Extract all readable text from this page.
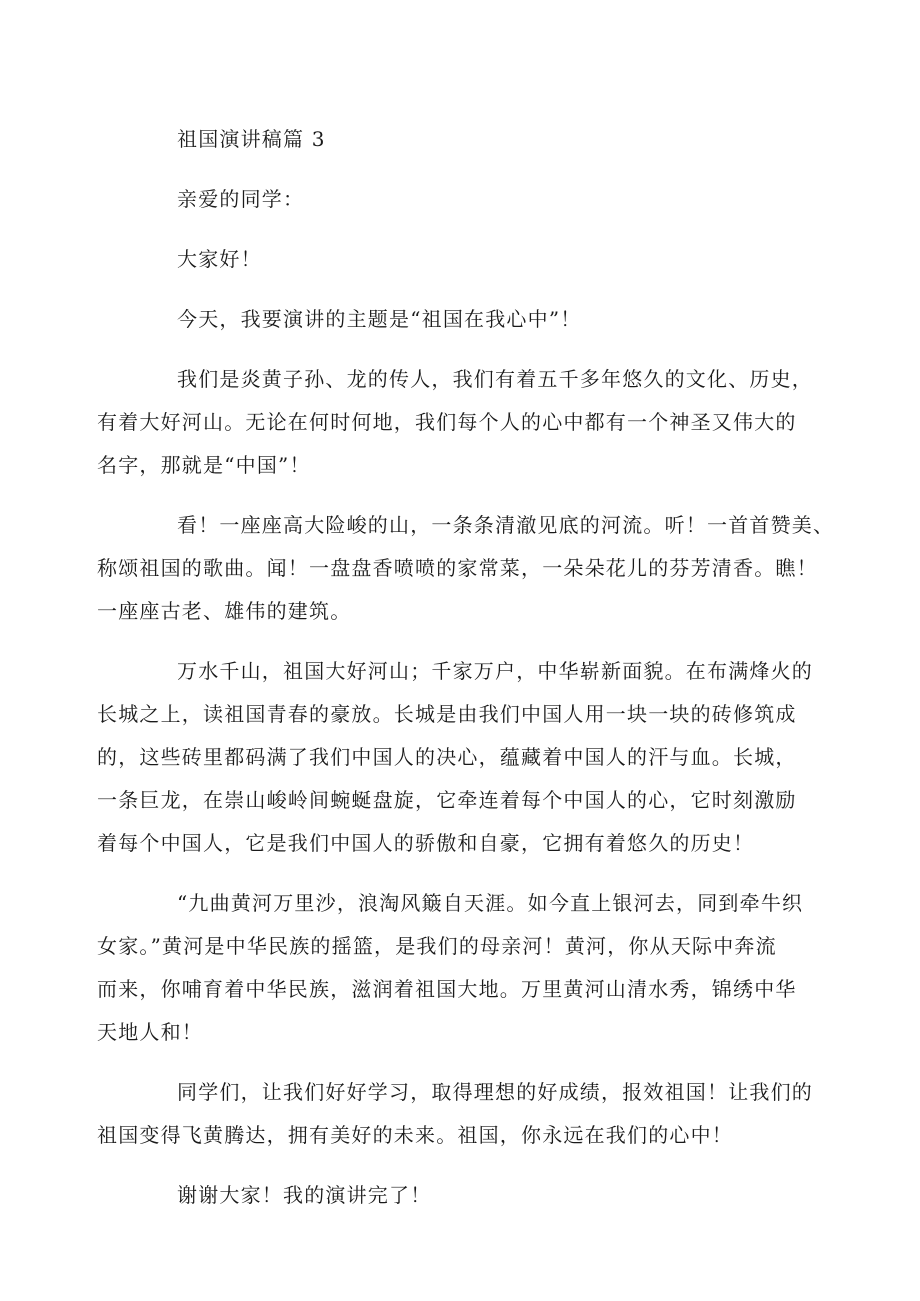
祖国演讲稿篇 3
亲爱的同学：
大家好！
今天，我要演讲的主题是“祖国在我心中”！
我们是炎黄子孙、龙的传人，我们有着五千多年悠久的文化、历史，
有着大好河山。无论在何时何地，我们每个人的心中都有一个神圣又伟大的
名字，那就是“中国”！
看！一座座高大险峻的山，一条条清澈见底的河流。听！一首首赞美、
称颂祖国的歌曲。闻！一盘盘香喷喷的家常菜，一朵朵花儿的芬芳清香。瞧！
一座座古老、雄伟的建筑。
万水千山，祖国大好河山；千家万户，中华崭新面貌。在布满烽火的
长城之上，读祖国青春的豪放。长城是由我们中国人用一块一块的砖修筑成
的，这些砖里都码满了我们中国人的决心，蕴藏着中国人的汗与血。长城，
一条巨龙，在崇山峻岭间蜿蜒盘旋，它牵连着每个中国人的心，它时刻激励
着每个中国人，它是我们中国人的骄傲和自豪，它拥有着悠久的历史！
“九曲黄河万里沙，浪淘风簸自天涯。如今直上银河去，同到牵牛织
女家。”黄河是中华民族的摇篮，是我们的母亲河！黄河，你从天际中奔流
而来，你哺育着中华民族，滋润着祖国大地。万里黄河山清水秀，锦绣中华
天地人和！
同学们，让我们好好学习，取得理想的好成绩，报效祖国！让我们的
祖国变得飞黄腾达，拥有美好的未来。祖国，你永远在我们的心中！
谢谢大家！我的演讲完了！
